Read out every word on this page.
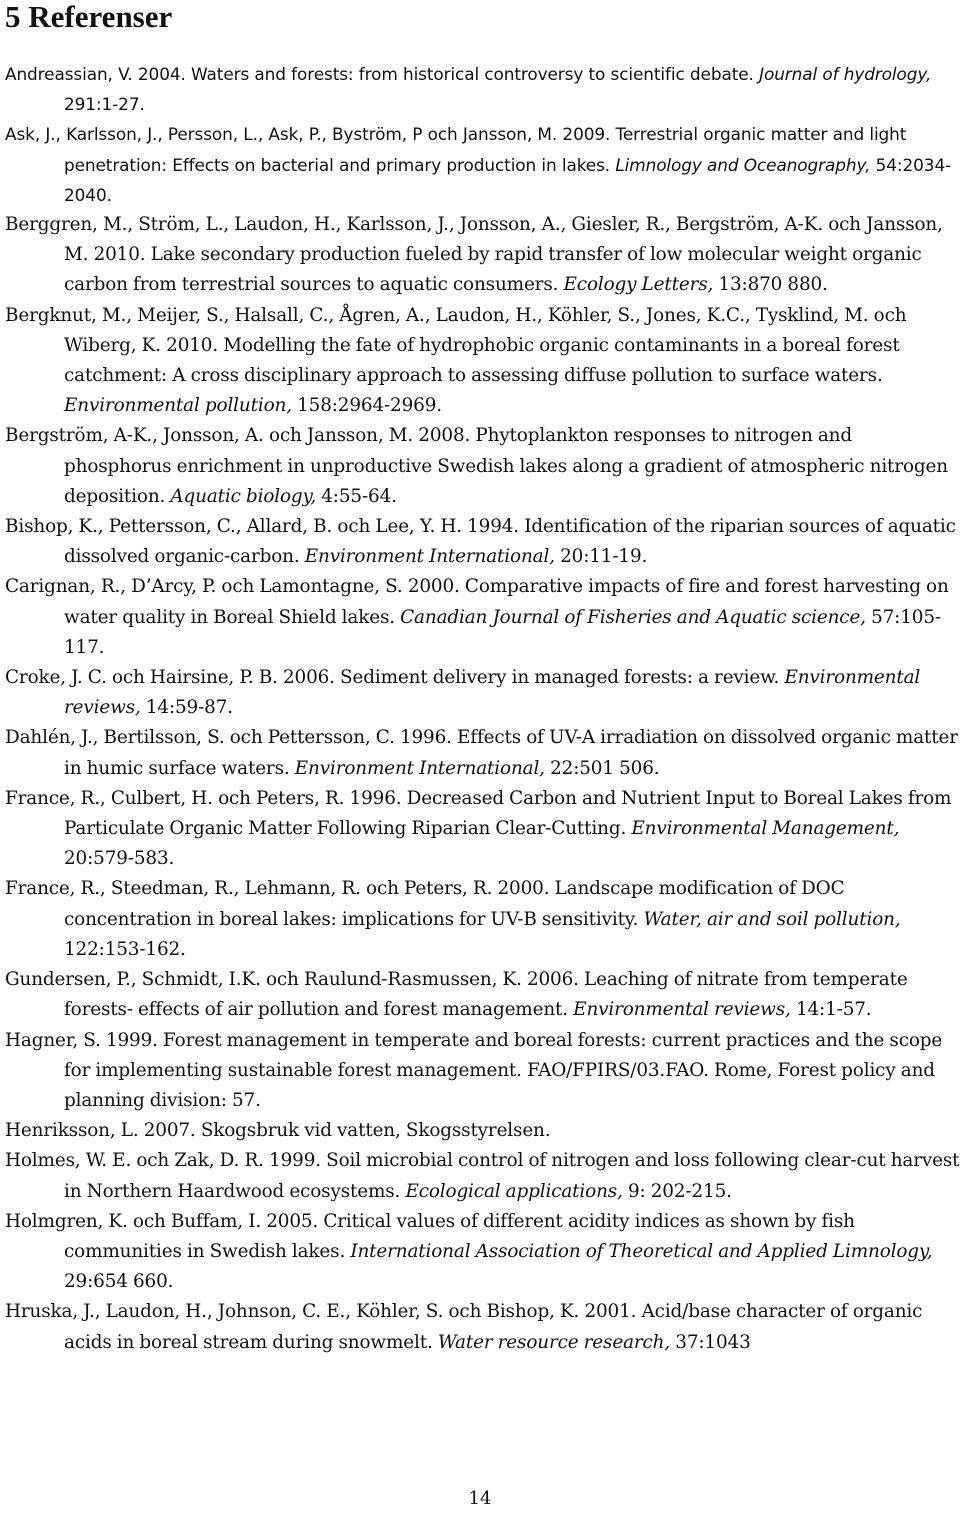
5 Referenser
Andreassian, V. 2004. Waters and forests: from historical controversy to scientific debate. Journal of hydrology, 291:1-27.
Ask, J., Karlsson, J., Persson, L., Ask, P., Byström, P och Jansson, M. 2009. Terrestrial organic matter and light penetration: Effects on bacterial and primary production in lakes. Limnology and Oceanography, 54:2034-2040.
Berggren, M., Ström, L., Laudon, H., Karlsson, J., Jonsson, A., Giesler, R., Bergström, A-K. och Jansson, M. 2010. Lake secondary production fueled by rapid transfer of low molecular weight organic carbon from terrestrial sources to aquatic consumers. Ecology Letters, 13:870 880.
Bergknut, M., Meijer, S., Halsall, C., Ågren, A., Laudon, H., Köhler, S., Jones, K.C., Tysklind, M. och Wiberg, K. 2010. Modelling the fate of hydrophobic organic contaminants in a boreal forest catchment: A cross disciplinary approach to assessing diffuse pollution to surface waters. Environmental pollution, 158:2964-2969.
Bergström, A-K., Jonsson, A. och Jansson, M. 2008. Phytoplankton responses to nitrogen and phosphorus enrichment in unproductive Swedish lakes along a gradient of atmospheric nitrogen deposition. Aquatic biology, 4:55-64.
Bishop, K., Pettersson, C., Allard, B. och Lee, Y. H. 1994. Identification of the riparian sources of aquatic dissolved organic-carbon. Environment International, 20:11-19.
Carignan, R., D’Arcy, P. och Lamontagne, S. 2000. Comparative impacts of fire and forest harvesting on water quality in Boreal Shield lakes. Canadian Journal of Fisheries and Aquatic science, 57:105-117.
Croke, J. C. och Hairsine, P. B. 2006. Sediment delivery in managed forests: a review. Environmental reviews, 14:59-87.
Dahlén, J., Bertilsson, S. och Pettersson, C. 1996. Effects of UV-A irradiation on dissolved organic matter in humic surface waters. Environment International, 22:501 506.
France, R., Culbert, H. och Peters, R. 1996. Decreased Carbon and Nutrient Input to Boreal Lakes from Particulate Organic Matter Following Riparian Clear-Cutting. Environmental Management, 20:579-583.
France, R., Steedman, R., Lehmann, R. och Peters, R. 2000. Landscape modification of DOC concentration in boreal lakes: implications for UV-B sensitivity. Water, air and soil pollution, 122:153-162.
Gundersen, P., Schmidt, I.K. och Raulund-Rasmussen, K. 2006. Leaching of nitrate from temperate forests- effects of air pollution and forest management. Environmental reviews, 14:1-57.
Hagner, S. 1999. Forest management in temperate and boreal forests: current practices and the scope for implementing sustainable forest management. FAO/FPIRS/03.FAO. Rome, Forest policy and planning division: 57.
Henriksson, L. 2007. Skogsbruk vid vatten, Skogsstyrelsen.
Holmes, W. E. och Zak, D. R. 1999. Soil microbial control of nitrogen and loss following clear-cut harvest in Northern Haardwood ecosystems. Ecological applications, 9: 202-215.
Holmgren, K. och Buffam, I. 2005. Critical values of different acidity indices as shown by fish communities in Swedish lakes. International Association of Theoretical and Applied Limnology, 29:654 660.
Hruska, J., Laudon, H., Johnson, C. E., Köhler, S. och Bishop, K. 2001. Acid/base character of organic acids in boreal stream during snowmelt. Water resource research, 37:1043
14
